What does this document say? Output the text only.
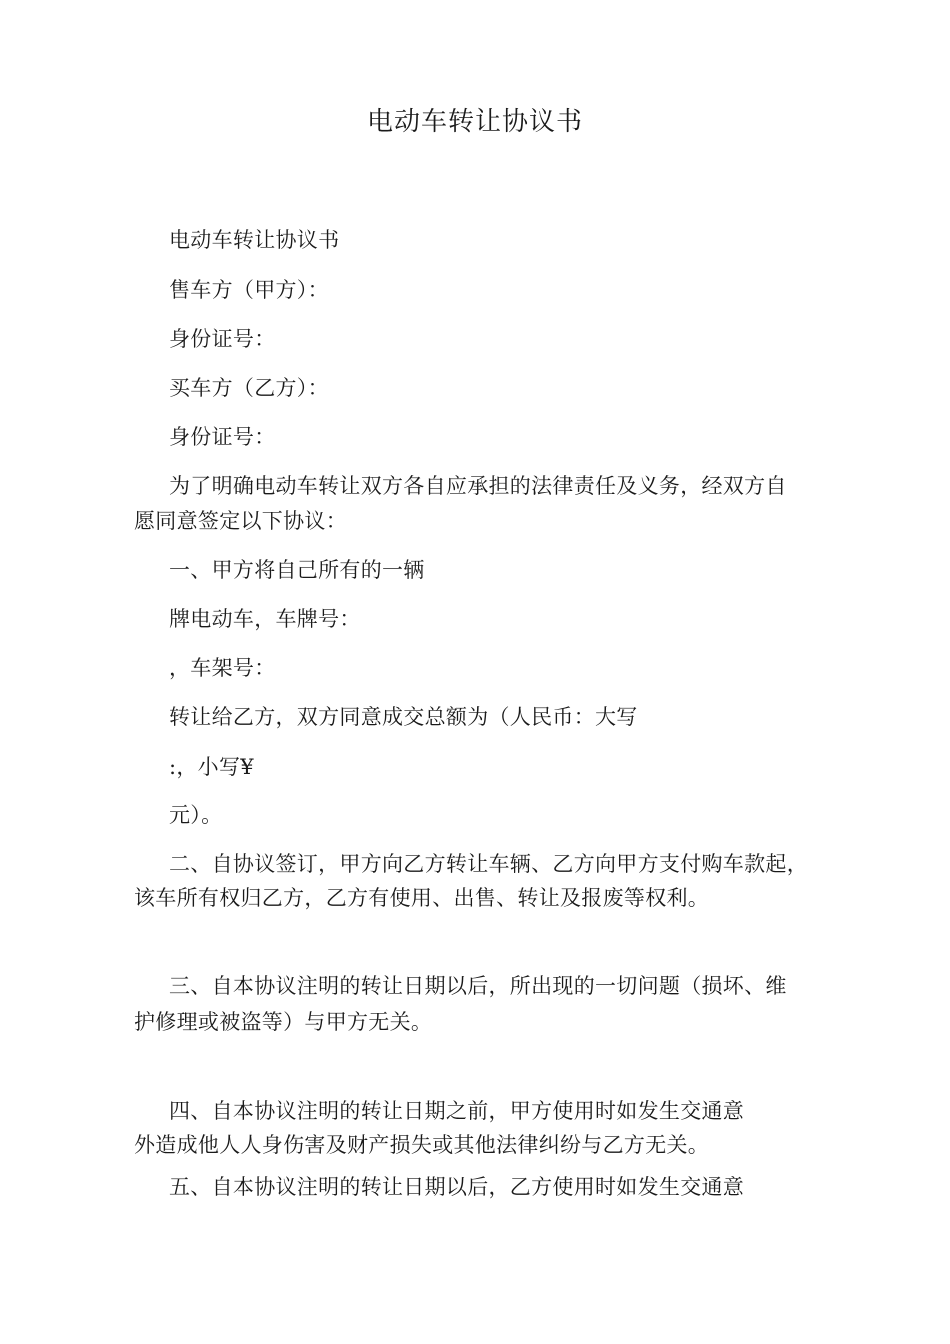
电动车转让协议书
电动车转让协议书
售车方（甲方）：
身份证号：
买车方（乙方）：
身份证号：
为了明确电动车转让双方各自应承担的法律责任及义务，经双方自
愿同意签定以下协议：
一、甲方将自己所有的一辆
牌电动车，车牌号：
，车架号：
转让给乙方，双方同意成交总额为（人民币：大写
:，小写¥
元）。
二、自协议签订，甲方向乙方转让车辆、乙方向甲方支付购车款起，
该车所有权归乙方，乙方有使用、出售、转让及报废等权利。
三、自本协议注明的转让日期以后，所出现的一切问题（损坏、维
护修理或被盗等）与甲方无关。
四、自本协议注明的转让日期之前，甲方使用时如发生交通意
外造成他人人身伤害及财产损失或其他法律纠纷与乙方无关。
五、自本协议注明的转让日期以后，乙方使用时如发生交通意
